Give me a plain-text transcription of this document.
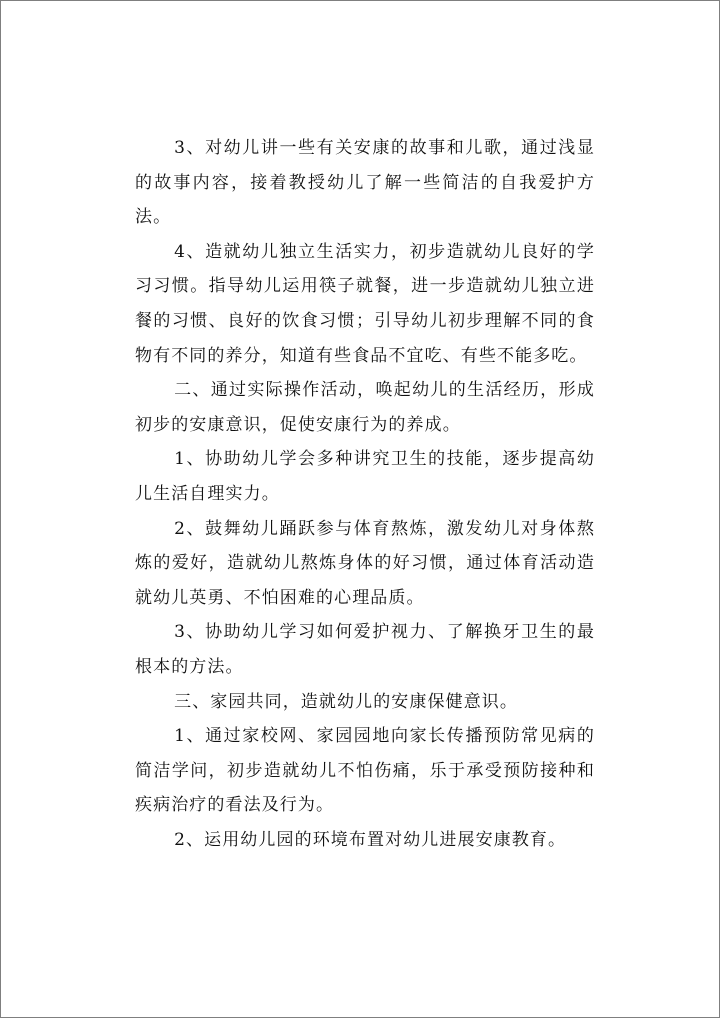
3、对幼儿讲一些有关安康的故事和儿歌，通过浅显的故事内容，接着教授幼儿了解一些简洁的自我爱护方法。

4、造就幼儿独立生活实力，初步造就幼儿良好的学习习惯。指导幼儿运用筷子就餐，进一步造就幼儿独立进餐的习惯、良好的饮食习惯；引导幼儿初步理解不同的食物有不同的养分，知道有些食品不宜吃、有些不能多吃。

二、通过实际操作活动，唤起幼儿的生活经历，形成初步的安康意识，促使安康行为的养成。

1、协助幼儿学会多种讲究卫生的技能，逐步提高幼儿生活自理实力。

2、鼓舞幼儿踊跃参与体育熬炼，激发幼儿对身体熬炼的爱好，造就幼儿熬炼身体的好习惯，通过体育活动造就幼儿英勇、不怕困难的心理品质。

3、协助幼儿学习如何爱护视力、了解换牙卫生的最根本的方法。

三、家园共同，造就幼儿的安康保健意识。

1、通过家校网、家园园地向家长传播预防常见病的简洁学问，初步造就幼儿不怕伤痛，乐于承受预防接种和疾病治疗的看法及行为。

2、运用幼儿园的环境布置对幼儿进展安康教育。
